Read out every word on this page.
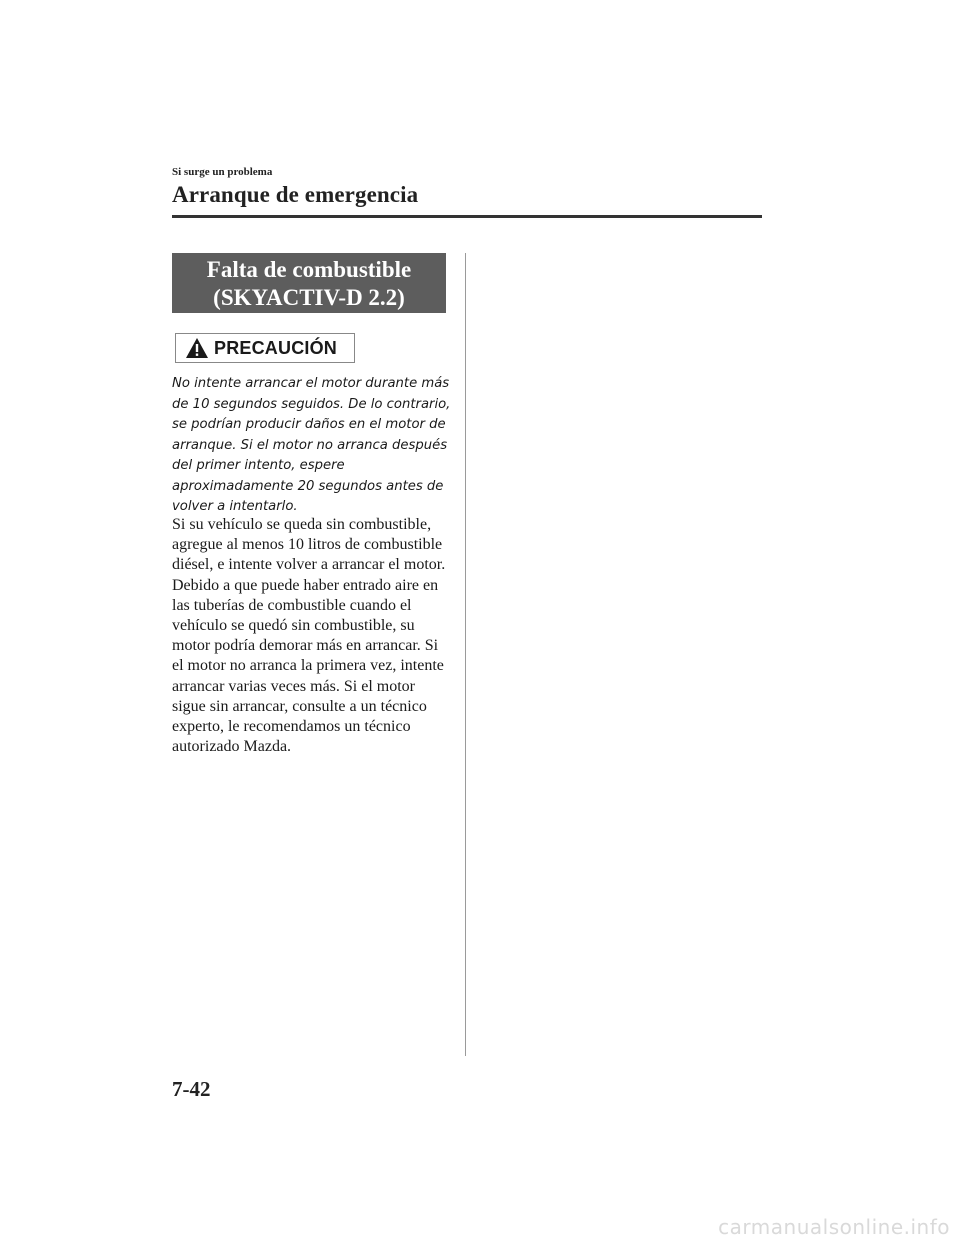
Si surge un problema
Arranque de emergencia
Falta de combustible
(SKYACTIV-D 2.2)
PRECAUCIÓN
No intente arrancar el motor durante más
de 10 segundos seguidos. De lo contrario,
se podrían producir daños en el motor de
arranque. Si el motor no arranca después
del primer intento, espere
aproximadamente 20 segundos antes de
volver a intentarlo.
Si su vehículo se queda sin combustible,
agregue al menos 10 litros de combustible
diésel, e intente volver a arrancar el motor.
Debido a que puede haber entrado aire en
las tuberías de combustible cuando el
vehículo se quedó sin combustible, su
motor podría demorar más en arrancar. Si
el motor no arranca la primera vez, intente
arrancar varias veces más. Si el motor
sigue sin arrancar, consulte a un técnico
experto, le recomendamos un técnico
autorizado Mazda.
7-42
carmanualsonline.info
